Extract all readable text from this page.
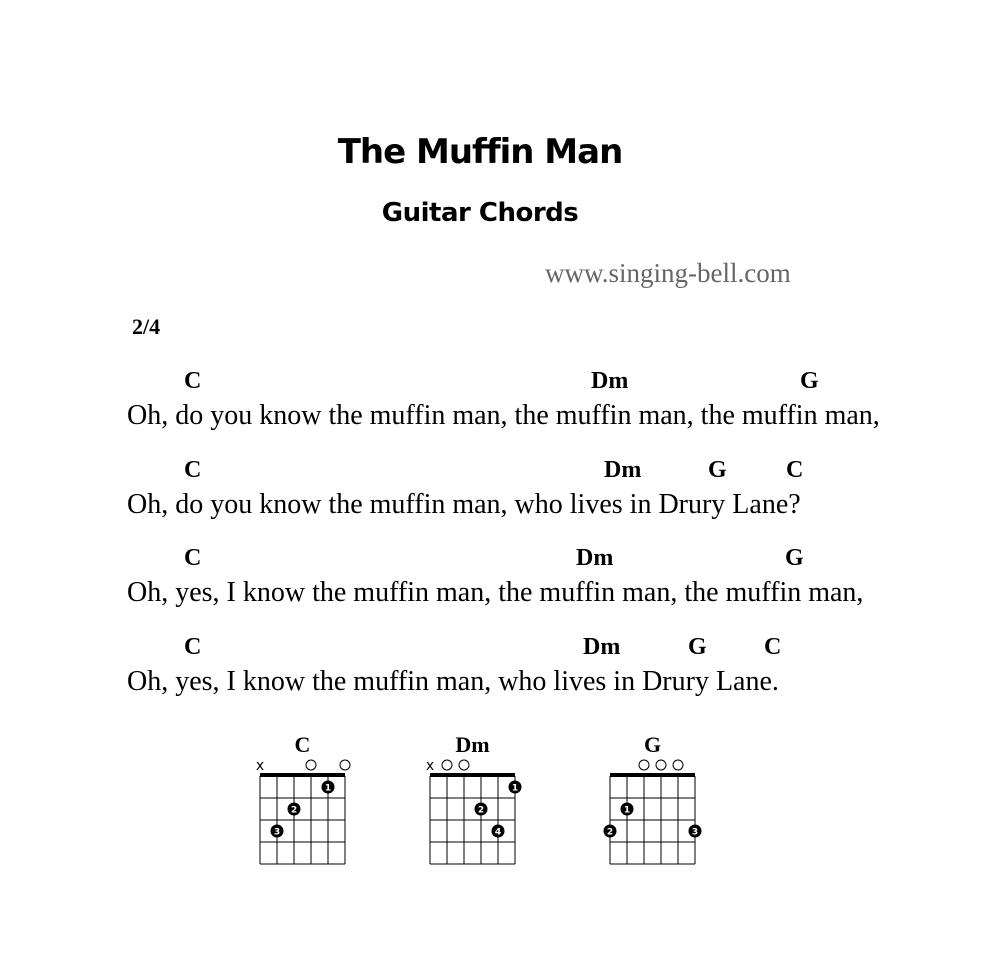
The Muffin Man
Guitar Chords
www.singing-bell.com
2/4
C	Dm	G
Oh, do you know the muffin man, the muffin man, the muffin man,
C	Dm	G C
Oh, do you know the muffin man, who lives in Drury Lane?
C	Dm	G
Oh, yes, I know the muffin man, the muffin man, the muffin man,
C	Dm	G C
Oh, yes, I know the muffin man, who lives in Drury Lane.
C
x
1
2
3
Dm
x
1
2
4
G
1
2	3
